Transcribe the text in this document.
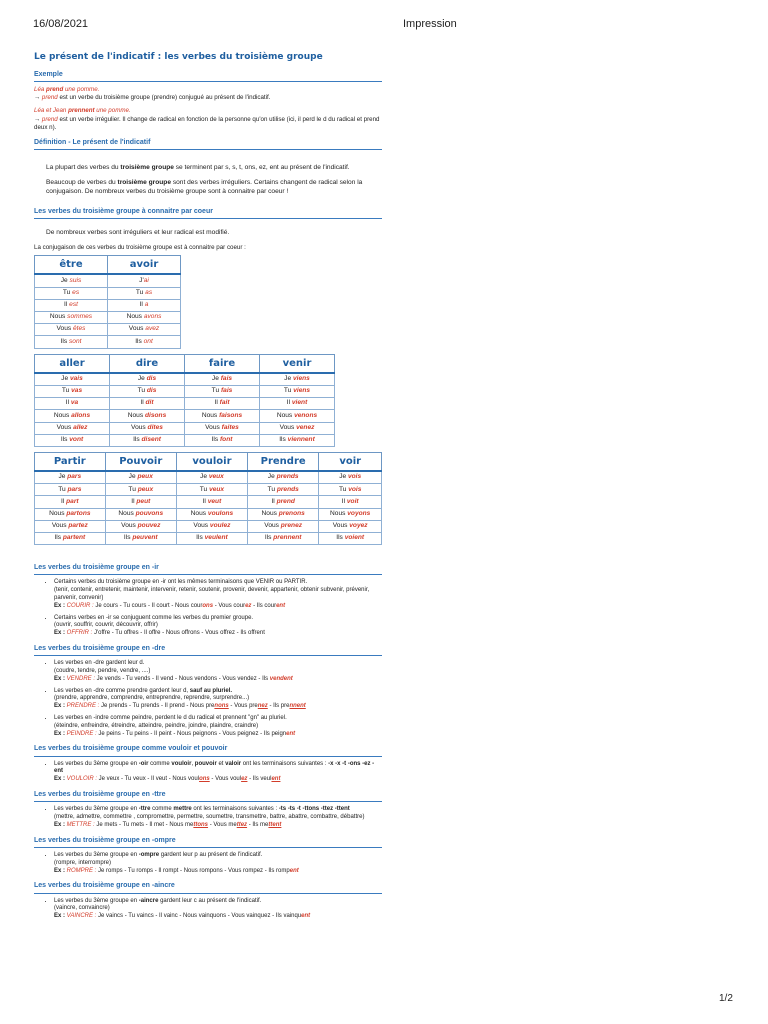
16/08/2021	Impression
Le présent de l'indicatif : les verbes du troisième groupe
Exemple

Léa prend une pomme.

→ prend est un verbe du troisième groupe (prendre) conjugué au présent de l'indicatif.

Léa et Jean prennent une pomme.

→ prend est un verbe irrégulier. Il change de radical en fonction de la personne qu'on utilise (ici, il perd le d du radical et prend deux n).

Définition - Le présent de l'indicatif

La plupart des verbes du troisième groupe se terminent par s, s, t, ons, ez, ent au présent de l'indicatif.

Beaucoup de verbes du troisième groupe sont des verbes irréguliers. Certains changent de radical selon la conjugaison. De nombreux verbes du troisième groupe sont à connaitre par coeur !

Les verbes du troisième groupe à connaitre par coeur

De nombreux verbes sont irréguliers et leur radical est modifié.

La conjugaison de ces verbes du troisième groupe est à connaitre par coeur :

être	avoir
Je suis	J'ai
Tu es	Tu as
Il est	Il a
Nous sommes	Nous avons
Vous êtes	Vous avez
Ils sont	Ils ont
aller	dire	faire	venir
Je vais	Je dis	Je fais	Je viens
Tu vas	Tu dis	Tu fais	Tu viens
Il va	Il dit	Il fait	Il vient
Nous allons	Nous disons	Nous faisons	Nous venons
Vous allez	Vous dites	Vous faites	Vous venez
Ils vont	Ils disent	Ils font	Ils viennent
Partir	Pouvoir	vouloir	Prendre	voir
Je pars	Je peux	Je veux	Je prends	Je vois
Tu pars	Tu peux	Tu veux	Tu prends	Tu vois
Il part	Il peut	Il veut	Il prend	Il voit
Nous partons	Nous pouvons	Nous voulons	Nous prenons	Nous voyons
Vous partez	Vous pouvez	Vous voulez	Vous prenez	Vous voyez
Ils partent	Ils peuvent	Ils veulent	Ils prennent	Ils voient
Les verbes du troisième groupe en -ir
• Certains verbes du troisième groupe en -ir ont les mêmes terminaisons que VENIR ou PARTIR.
(tenir, contenir, entretenir, maintenir, intervenir, retenir, soutenir, provenir, devenir, appartenir, obtenir subvenir, prévenir, parvenir, convenir)
Ex : COURIR : Je cours - Tu cours - Il court - Nous courons - Vous courez - Ils courent
• Certains verbes en -ir se conjuguent comme les verbes du premier groupe.
(ouvrir, souffrir, couvrir, découvrir, offrir)
Ex : OFFRIR : J'offre - Tu offres - Il offre - Nous offrons - Vous offrez - Ils offrent
Les verbes du troisième groupe en -dre
• Les verbes en -dre gardent leur d.
(coudre, tendre, pendre, vendre, ....)
Ex : VENDRE : Je vends - Tu vends - Il vend - Nous vendons - Vous vendez - Ils vendent
• Les verbes en -dre comme prendre gardent leur d, sauf au pluriel.
(prendre, apprendre, comprendre, entreprendre, reprendre, surprendre...)
Ex : PRENDRE : Je prends - Tu prends - Il prend - Nous prenons - Vous prenez - Ils prennent
• Les verbes en -indre comme peindre, perdent le d du radical et prennent "gn" au pluriel.
(éteindre, enfreindre, étreindre, atteindre, peindre, joindre, plaindre, craindre)
Ex : PEINDRE : Je peins - Tu peins - Il peint - Nous peignons - Vous peignez - Ils peignent
Les verbes du troisième groupe comme vouloir et pouvoir
• Les verbes du 3ème groupe en -oir comme vouloir, pouvoir et valoir ont les terminaisons suivantes : -x -x -t -ons -ez -ent
Ex : VOULOIR : Je veux - Tu veux - Il veut - Nous voulons - Vous voulez - Ils veulent
Les verbes du troisième groupe en -ttre
• Les verbes du 3ème groupe en -ttre comme mettre ont les terminaisons suivantes : -ts -ts -t -ttons -ttez -ttent
(mettre, admettre, commettre , compromettre, permettre, soumettre, transmettre, battre, abattre, combattre, débattre)
Ex : METTRE : Je mets - Tu mets - Il met - Nous mettons - Vous mettez - Ils mettent
Les verbes du troisième groupe en -ompre
• Les verbes du 3ème groupe en -ompre gardent leur p au présent de l'indicatif.
(rompre, interrompre)
Ex : ROMPRE : Je romps - Tu romps - Il rompt - Nous rompons - Vous rompez - Ils rompent
Les verbes du troisième groupe en -aincre
• Les verbes du 3ème groupe en -aincre gardent leur c au présent de l'indicatif.
(vaincre, convaincre)
Ex : VAINCRE : Je vaincs - Tu vaincs - Il vainc - Nous vainquons - Vous vainquez - Ils vainquent
1/2
